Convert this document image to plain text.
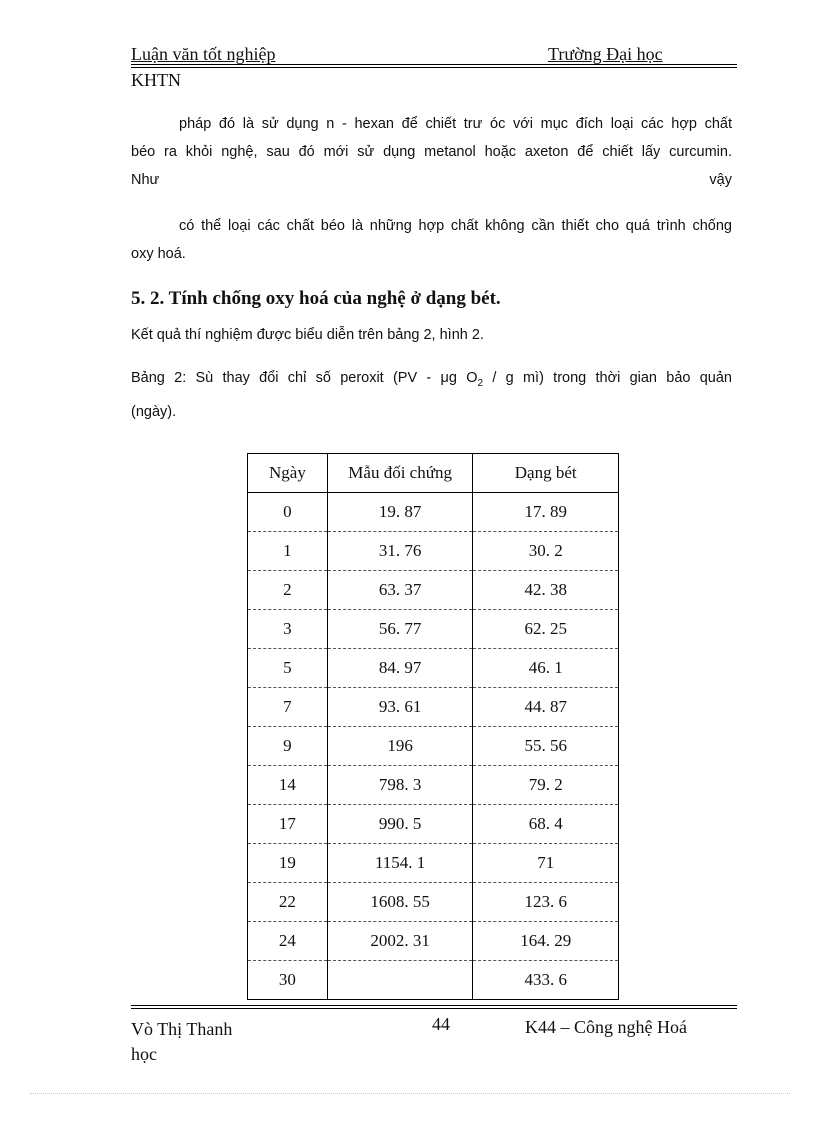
Luận văn tốt nghiệp	Trường Đại học
KHTN
pháp đó là sử dụng n - hexan để chiết trư óc với mục đích loại các hợp chất
béo ra khỏi nghệ, sau đó mới sử dụng metanol hoặc axeton để chiết lấy curcumin.
Như	vậy
có thể loại các chất béo là những hợp chất không cần thiết cho quá trình chống
oxy hoá.
5. 2. Tính chống oxy hoá của nghệ ở dạng bét.
Kết quả thí nghiệm được biểu diễn trên bảng 2, hình 2.
Bảng 2: Sù thay đổi chỉ số peroxit (PV - μg $O_2$ / g mì) trong thời gian bảo quản
(ngày).
Ngày	Mẫu đối chứng	Dạng bét
0	19. 87	17. 89
1	31. 76	30. 2
2	63. 37	42. 38
3	56. 77	62. 25
5	84. 97	46. 1
7	93. 61	44. 87
9	196	55. 56
14	798. 3	79. 2
17	990. 5	68. 4
19	1154. 1	71
22	1608. 55	123. 6
24	2002. 31	164. 29
30		433. 6
Vò Thị Thanh học
44	K44 – Công nghệ Hoá
